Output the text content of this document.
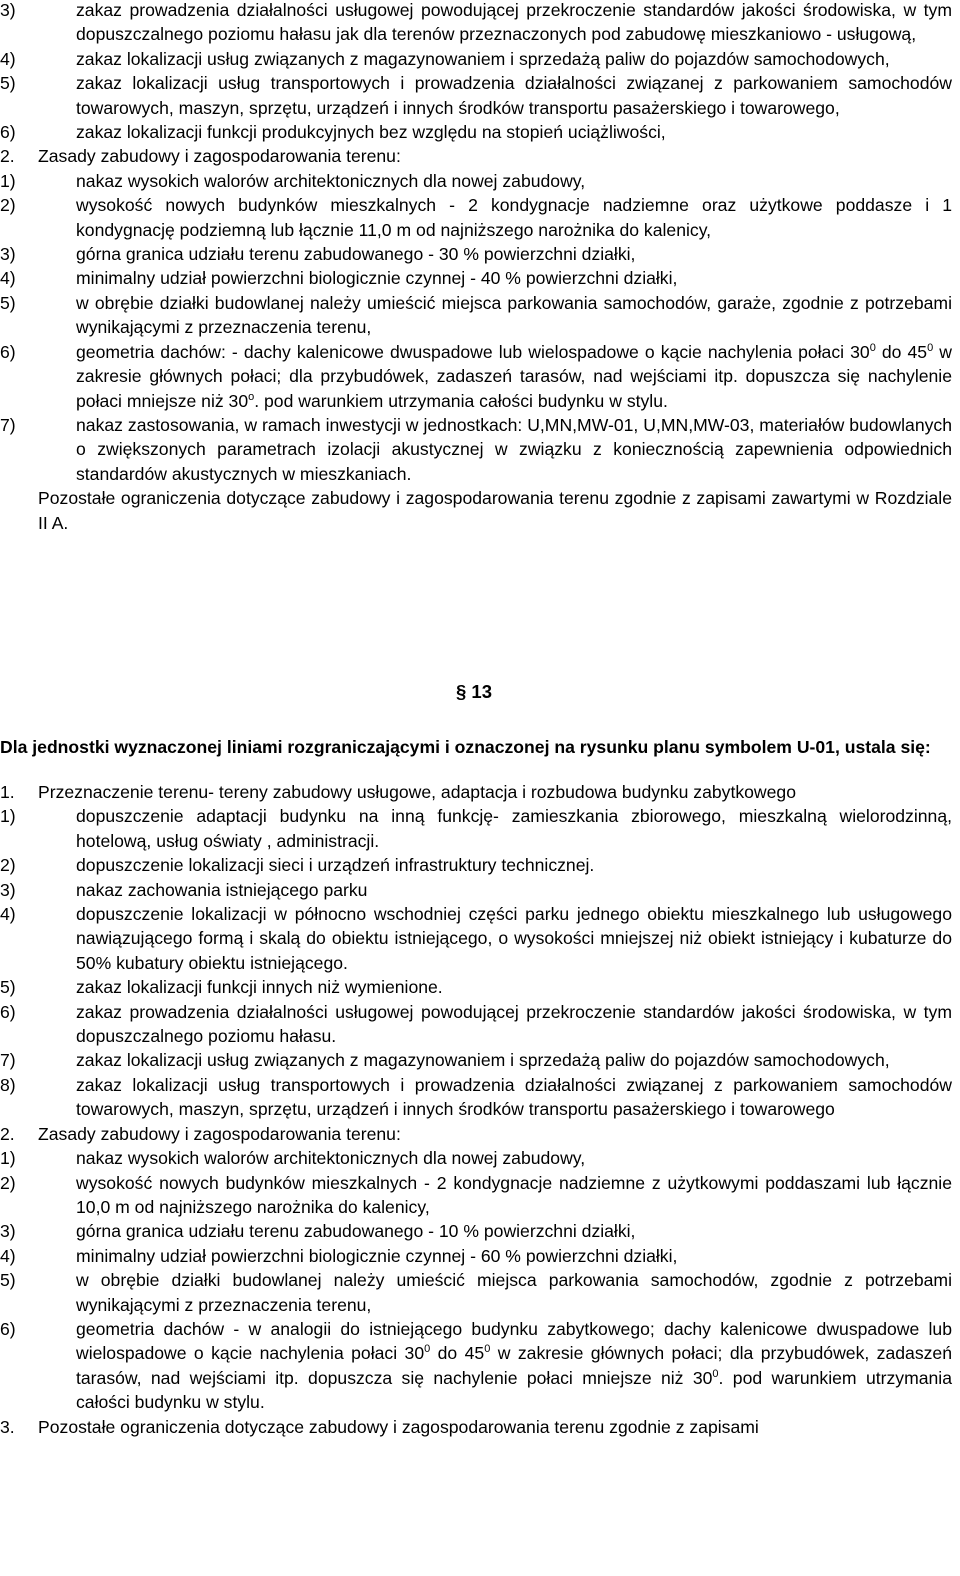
3)	zakaz prowadzenia działalności usługowej powodującej przekroczenie standardów jakości środowiska, w tym dopuszczalnego poziomu hałasu jak dla terenów przeznaczonych pod zabudowę mieszkaniowo - usługową,
4)	zakaz lokalizacji usług związanych z magazynowaniem i sprzedażą paliw do pojazdów samochodowych,
5)	zakaz lokalizacji usług transportowych i prowadzenia działalności związanej z parkowaniem samochodów towarowych, maszyn, sprzętu, urządzeń i innych środków transportu pasażerskiego i towarowego,
6)	zakaz lokalizacji funkcji produkcyjnych bez względu na stopień uciążliwości,
2. Zasady zabudowy i zagospodarowania terenu:
1)	nakaz wysokich walorów architektonicznych dla nowej zabudowy,
2)	wysokość nowych budynków mieszkalnych - 2 kondygnacje nadziemne oraz użytkowe poddasze i 1 kondygnację podziemną lub łącznie 11,0 m od najniższego narożnika do kalenicy,
3)	górna granica udziału terenu zabudowanego - 30 % powierzchni działki,
4)	minimalny udział powierzchni biologicznie czynnej - 40 % powierzchni działki,
5)	w obrębie działki budowlanej należy umieścić miejsca parkowania samochodów, garaże, zgodnie z potrzebami wynikającymi z przeznaczenia terenu,
6)	geometria dachów: - dachy kalenicowe dwuspadowe lub wielospadowe o kącie nachylenia połaci $30^0$ do $45^0$ w zakresie głównych połaci; dla przybudówek, zadaszeń tarasów, nad wejściami itp. dopuszcza się nachylenie połaci mniejsze niż 30$^o$. pod warunkiem utrzymania całości budynku w stylu.
7)	nakaz zastosowania, w ramach inwestycji w jednostkach: U,MN,MW-01, U,MN,MW-03, materiałów budowlanych o zwiększonych parametrach izolacji akustycznej w związku z koniecznością zapewnienia odpowiednich standardów akustycznych w mieszkaniach.
Pozostałe ograniczenia dotyczące zabudowy i zagospodarowania terenu zgodnie z zapisami zawartymi w Rozdziale II A.
§ 13
Dla jednostki wyznaczonej liniami rozgraniczającymi i oznaczonej na rysunku planu symbolem U-01, ustala się:
1. Przeznaczenie terenu- tereny zabudowy usługowe, adaptacja i rozbudowa budynku zabytkowego
1)	dopuszczenie adaptacji budynku na inną funkcję- zamieszkania zbiorowego, mieszkalną wielorodzinną, hotelową, usług oświaty , administracji.
2)	dopuszczenie lokalizacji sieci i urządzeń infrastruktury technicznej.
3)	nakaz zachowania istniejącego parku
4)	dopuszczenie lokalizacji w północno wschodniej części parku jednego obiektu mieszkalnego lub usługowego nawiązującego formą i skalą do obiektu istniejącego, o wysokości mniejszej niż obiekt istniejący i kubaturze do 50% kubatury obiektu istniejącego.
5)	zakaz lokalizacji funkcji innych niż wymienione.
6)	zakaz prowadzenia działalności usługowej powodującej przekroczenie standardów jakości środowiska, w tym dopuszczalnego poziomu hałasu.
7)	zakaz lokalizacji usług związanych z magazynowaniem i sprzedażą paliw do pojazdów samochodowych,
8)	zakaz lokalizacji usług transportowych i prowadzenia działalności związanej z parkowaniem samochodów towarowych, maszyn, sprzętu, urządzeń i innych środków transportu pasażerskiego i towarowego
2. Zasady zabudowy i zagospodarowania terenu:
1)	nakaz wysokich walorów architektonicznych dla nowej zabudowy,
2)	wysokość nowych budynków mieszkalnych - 2 kondygnacje nadziemne z użytkowymi poddaszami lub łącznie 10,0 m od najniższego narożnika do kalenicy,
3)	górna granica udziału terenu zabudowanego - 10 % powierzchni działki,
4)	minimalny udział powierzchni biologicznie czynnej - 60 % powierzchni działki,
5)	w obrębie działki budowlanej należy umieścić miejsca parkowania samochodów, zgodnie z potrzebami wynikającymi z przeznaczenia terenu,
6)	geometria dachów - w analogii do istniejącego budynku zabytkowego; dachy kalenicowe dwuspadowe lub wielospadowe o kącie nachylenia połaci $30^0$ do $45^0$ w zakresie głównych połaci; dla przybudówek, zadaszeń tarasów, nad wejściami itp. dopuszcza się nachylenie połaci mniejsze niż $30^0$. pod warunkiem utrzymania całości budynku w stylu.
3. Pozostałe ograniczenia dotyczące zabudowy i zagospodarowania terenu zgodnie z zapisami
